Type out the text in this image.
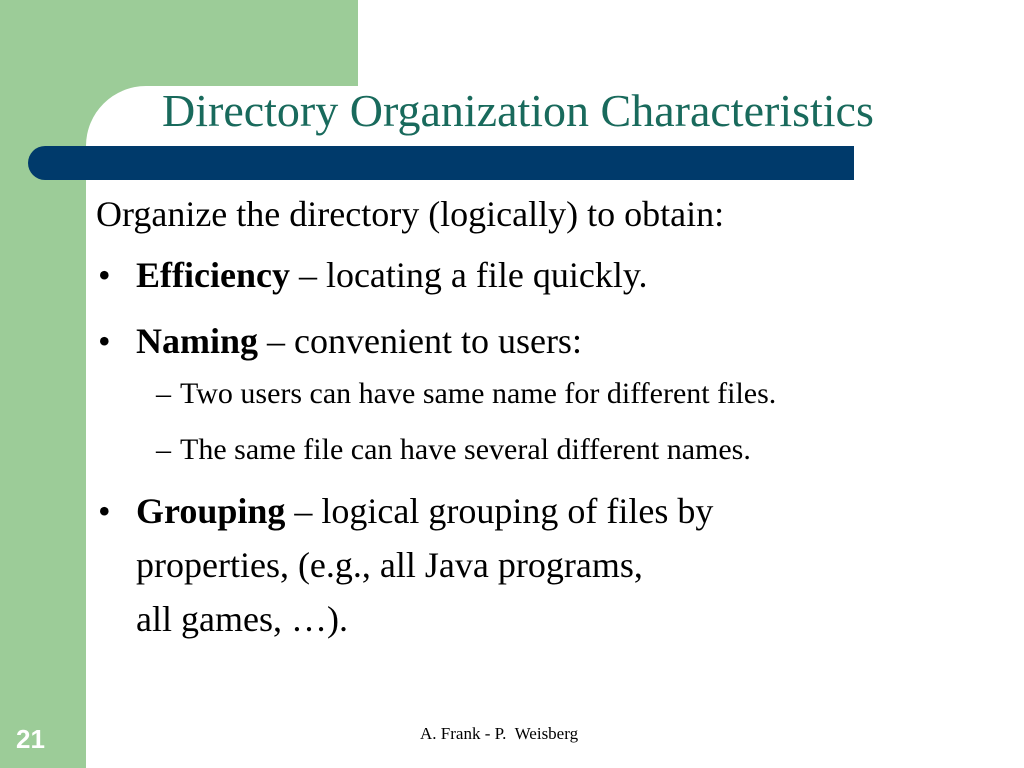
Directory Organization Characteristics

Organize the directory (logically) to obtain:

• Efficiency – locating a file quickly.
• Naming – convenient to users:
– Two users can have same name for different files.
– The same file can have several different names.
• Grouping – logical grouping of files by
properties, (e.g., all Java programs,
all games, …).
21	A. Frank - P.  Weisberg
